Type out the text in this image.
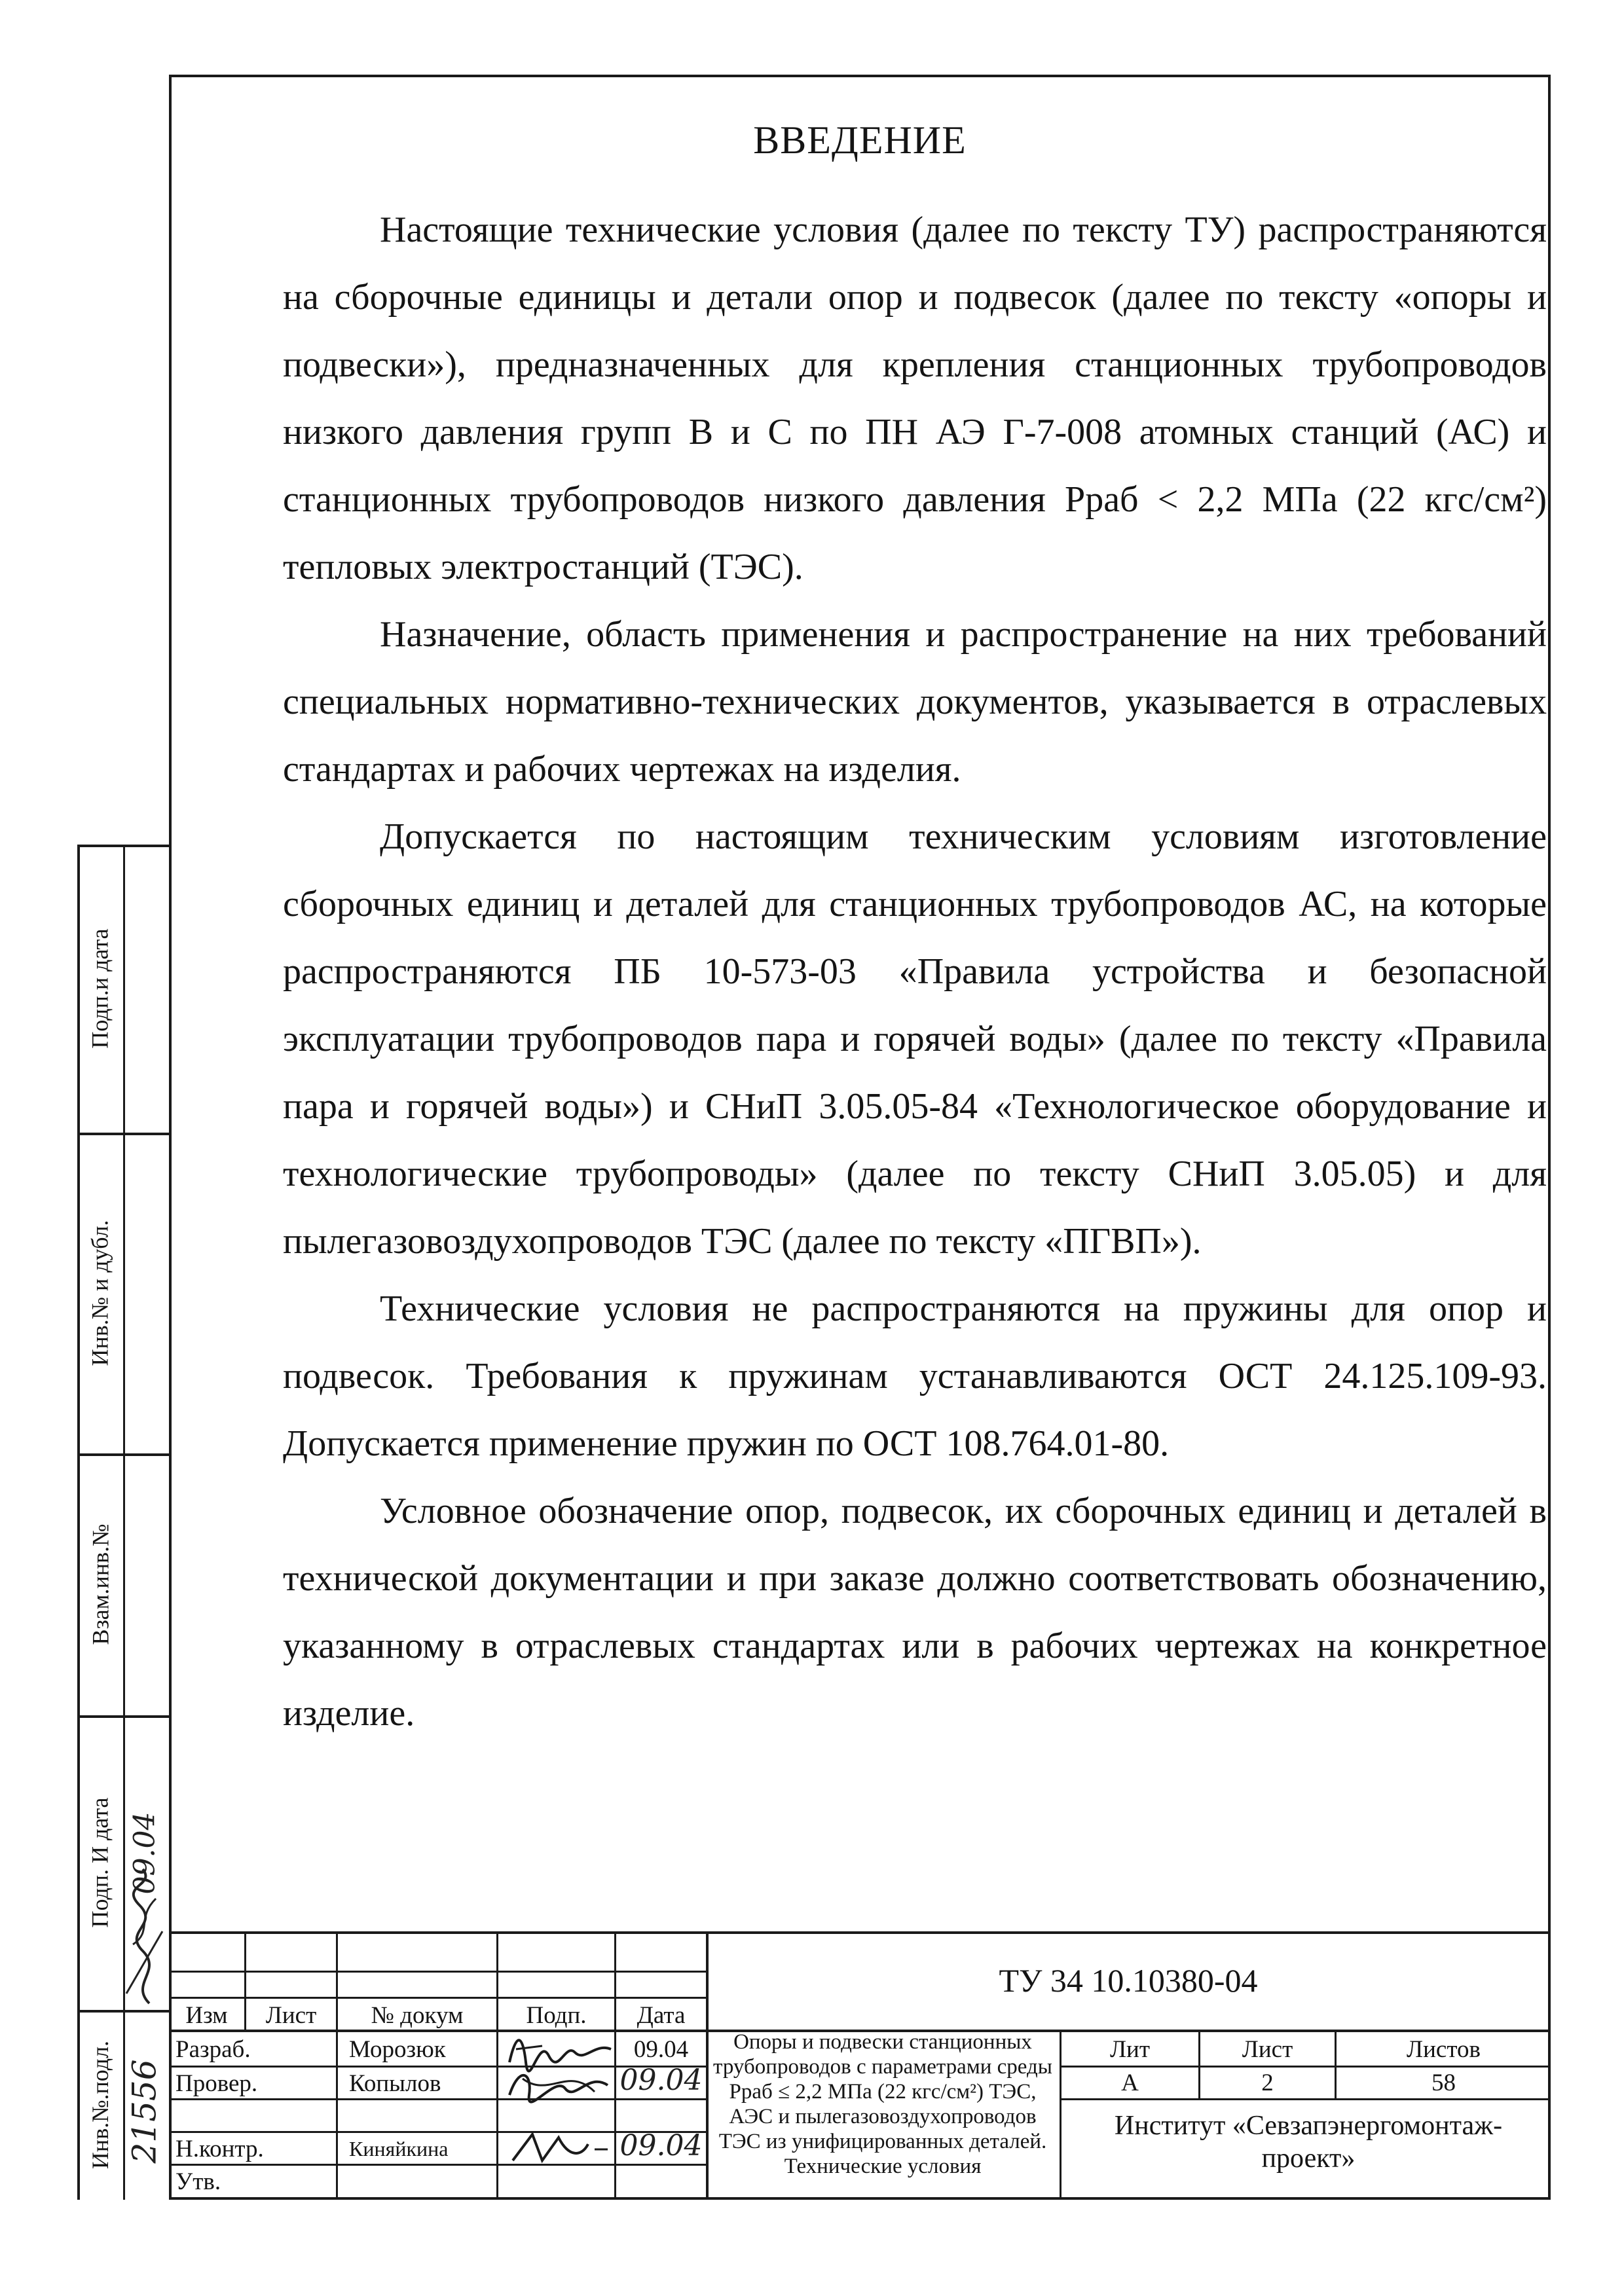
ВВЕДЕНИЕ

Настоящие технические условия (далее по тексту ТУ) распространяются на сборочные единицы и детали опор и подвесок (далее по тексту «опоры и подвески»), предназначенных для крепления станционных трубопроводов низкого давления групп В и С по ПН АЭ Г-7-008 атомных станций (АС) и станционных трубопроводов низкого давления Pраб < 2,2 МПа (22 кгс/см²) тепловых электростанций (ТЭС).

Назначение, область применения и распространение на них требований специальных нормативно-технических документов, указывается в отраслевых стандартах и рабочих чертежах на изделия.

Допускается по настоящим техническим условиям изготовление сборочных единиц и деталей для станционных трубопроводов АС, на которые распространяются ПБ 10-573-03 «Правила устройства и безопасной эксплуатации трубопроводов пара и горячей воды» (далее по тексту «Правила пара и горячей воды») и СНиП 3.05.05-84 «Технологическое оборудование и технологические трубопроводы» (далее по тексту СНиП 3.05.05) и для пылегазовоздухопроводов ТЭС (далее по тексту «ПГВП»).

Технические условия не распространяются на пружины для опор и подвесок. Требования к пружинам устанавливаются ОСТ 24.125.109-93. Допускается применение пружин по ОСТ 108.764.01-80.

Условное обозначение опор, подвесок, их сборочных единиц и деталей в технической документации и при заказе должно соответствовать обозначению, указанному в отраслевых стандартах или в рабочих чертежах на конкретное изделие.

Подп.и дата
Инв.№ и дубл.
Взам.инв.№
Подп. И дата
Инв.№.подл.
09.04
21556
Изм	Лист	№ докум	Подп.	Дата
Разраб.	Морозюк	09.04
Провер.	Копылов	09.04
Н.контр.	Киняйкина	09.04
Утв.
ТУ 34 10.10380-04
Опоры и подвески станционных трубопроводов с параметрами среды Рраб ≤ 2,2 МПа (22 кгс/см²) ТЭС, АЭС и пылегазовоздухопроводов ТЭС из унифицированных деталей. Технические условия
Лит	Лист	Листов
А	2	58
Институт «Севзапэнергомонтаж-проект»
